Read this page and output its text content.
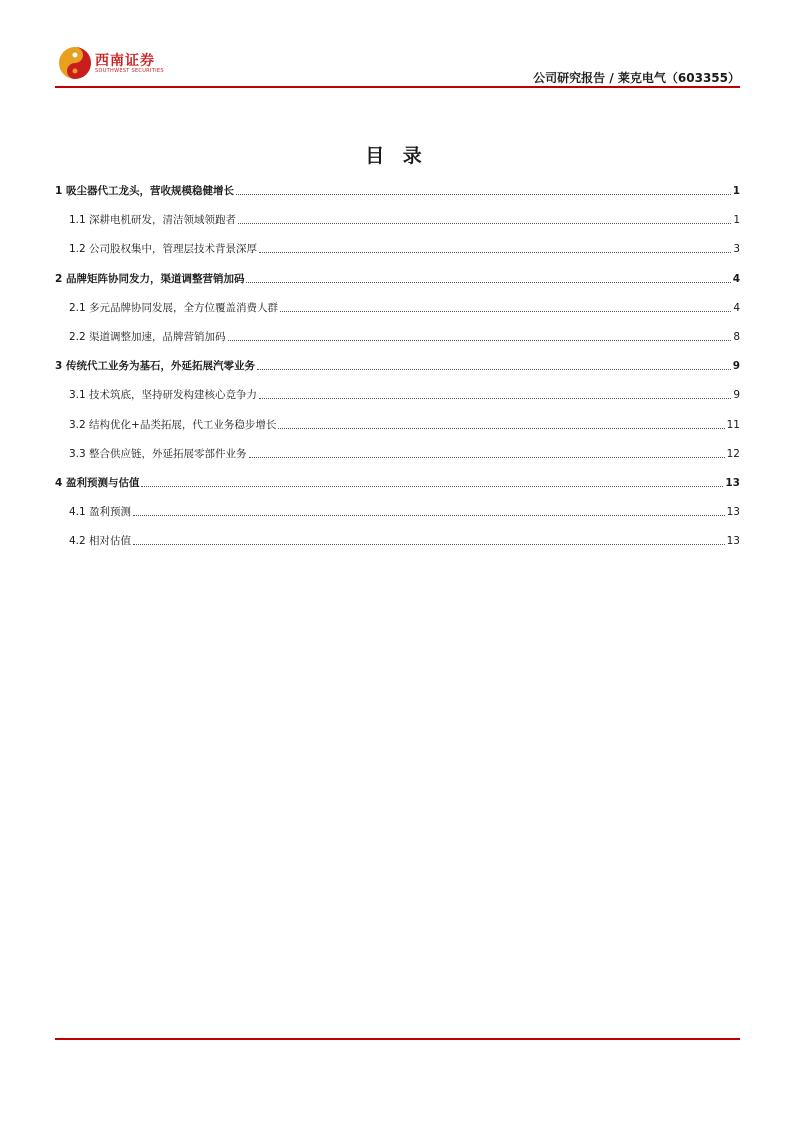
西南证券
SOUTHWEST SECURITIES	公司研究报告 / 莱克电气（603355）
目 录
1 吸尘器代工龙头，营收规模稳健增长	1
1.1 深耕电机研发，清洁领域领跑者	1
1.2 公司股权集中，管理层技术背景深厚	3
2 品牌矩阵协同发力，渠道调整营销加码	4
2.1 多元品牌协同发展，全方位覆盖消费人群	4
2.2 渠道调整加速，品牌营销加码	8
3 传统代工业务为基石，外延拓展汽零业务	9
3.1 技术筑底，坚持研发构建核心竞争力	9
3.2 结构优化+品类拓展，代工业务稳步增长	11
3.3 整合供应链，外延拓展零部件业务	12
4 盈利预测与估值	13
4.1 盈利预测	13
4.2 相对估值	13
